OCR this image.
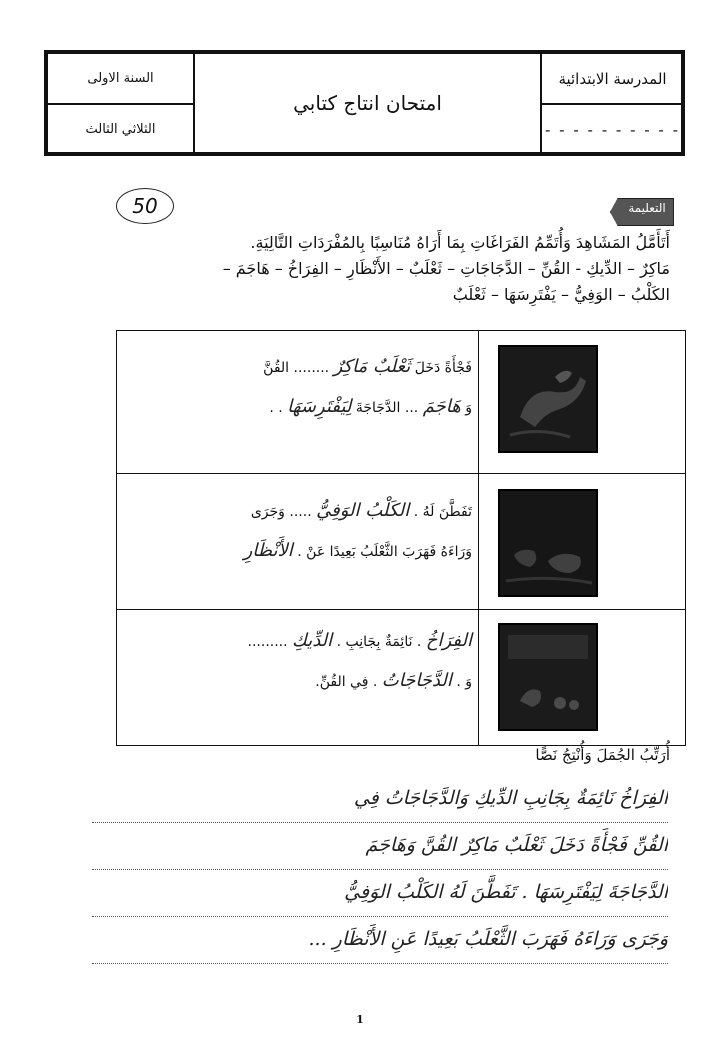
السنة الاولى
الثلاثي الثالث
امتحان انتاج كتابي
المدرسة الابتدائية
- - - - - - - - - -
50	التعليمة
أَتَأَمَّلُ المَشَاهِدَ وَأُتَمِّمُ الفَرَاغَاتِ بِمَا أَرَاهُ مُنَاسِبًا بِالمُفْرَدَاتِ التَّالِيَةِ.
مَاكِرٌ – الدِّيكِ - القُنِّ – الدَّجَاجَاتِ – ثَعْلَبٌ – الأَنْظَارِ – الفِرَاخُ – هَاجَمَ –
الكَلْبُ – الوَفِيُّ – يَفْتَرِسَهَا – ثَعْلَبٌ
فَجْأَةً دَخَلَ ثَعْلَبٌ مَاكِرٌ ........ القُنَّ
وَ هَاجَمَ ... الدَّجَاجَةَ لِيَفْتَرِسَهَا . .
تَفَطَّنَ لَهُ . الكَلْبُ الوَفِيُّ ..... وَجَرَى
وَرَاءَهُ فَهَرَبَ الثَّعْلَبُ بَعِيدًا عَنْ . الأَنْظَارِ
الفِرَاخُ . نَائِمَةٌ بِجَانِبِ . الدِّيكِ .........
وَ . الدَّجَاجَاتُ . فِي القُنِّ.
أُرَتِّبُ الجُمَلَ وَأُنْتِجُ نَصًّا
الفِرَاخُ نَائِمَةٌ بِجَانِبِ الدِّيكِ وَالدَّجَاجَاتُ فِي
القُنِّ فَجْأَةً دَخَلَ ثَعْلَبٌ مَاكِرٌ القُنَّ وَهَاجَمَ
الدَّجَاجَةَ لِيَفْتَرِسَهَا . تَفَطَّنَ لَهُ الكَلْبُ الوَفِيُّ
وَجَرَى وَرَاءَهُ فَهَرَبَ الثَّعْلَبُ بَعِيدًا عَنِ الأَنْظَارِ ...
1
